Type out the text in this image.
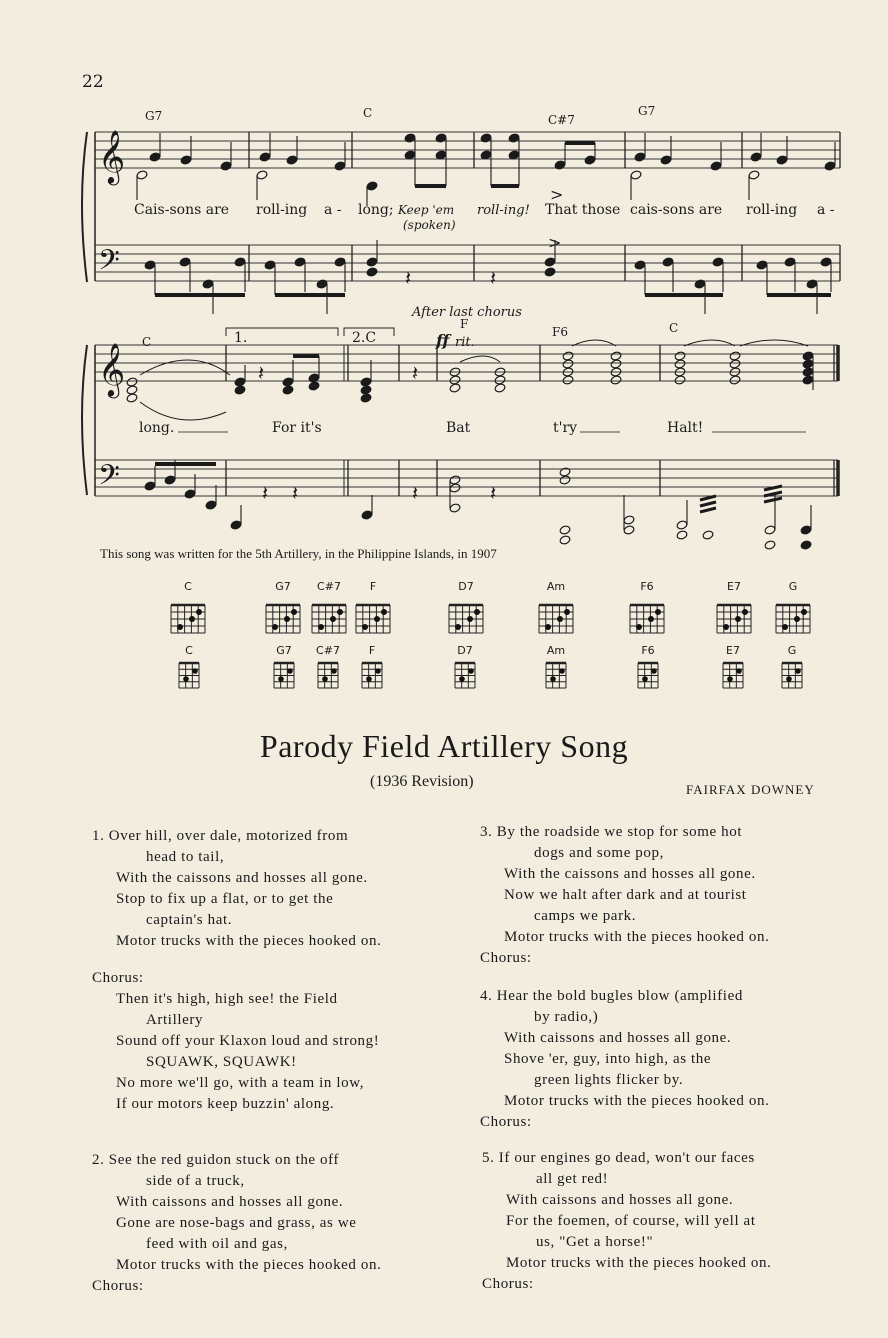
22
𝄞
𝄢
G7	C	C#7
G7
Cais-sons are roll-ing a - long; Keep 'em
(spoken)
roll-ing! That those cais-sons are roll-ing a -
𝄽	𝄽
>
>
𝄞
𝄢
1.	2.C
After last chorus
ff rit.
C
F
F6	C
long.	For it's	Bat	t'ry	Halt!
𝄽	𝄽
𝄽 𝄽	𝄽	𝄽
This song was written for the 5th Artillery, in the Philippine Islands, in 1907
C	G7 C#7	F	D7	Am	F6	E7	G
C	G7 C#7	F	D7	Am	F6	E7	G
Parody Field Artillery Song
(1936 Revision)	FAIRFAX DOWNEY
1. Over hill, over dale, motorized from
head to tail,
With the caissons and hosses all gone.
Stop to fix up a flat, or to get the
captain's hat.
Motor trucks with the pieces hooked on.
Chorus:
Then it's high, high see! the Field
Artillery
Sound off your Klaxon loud and strong!
SQUAWK, SQUAWK!
No more we'll go, with a team in low,
If our motors keep buzzin' along.
2. See the red guidon stuck on the off
side of a truck,
With caissons and hosses all gone.
Gone are nose-bags and grass, as we
feed with oil and gas,
Motor trucks with the pieces hooked on.
Chorus:
3. By the roadside we stop for some hot
dogs and some pop,
With the caissons and hosses all gone.
Now we halt after dark and at tourist
camps we park.
Motor trucks with the pieces hooked on.
Chorus:
4. Hear the bold bugles blow (amplified
by radio,)
With caissons and hosses all gone.
Shove 'er, guy, into high, as the
green lights flicker by.
Motor trucks with the pieces hooked on.
Chorus:
5. If our engines go dead, won't our faces
all get red!
With caissons and hosses all gone.
For the foemen, of course, will yell at
us, "Get a horse!"
Motor trucks with the pieces hooked on.
Chorus:
